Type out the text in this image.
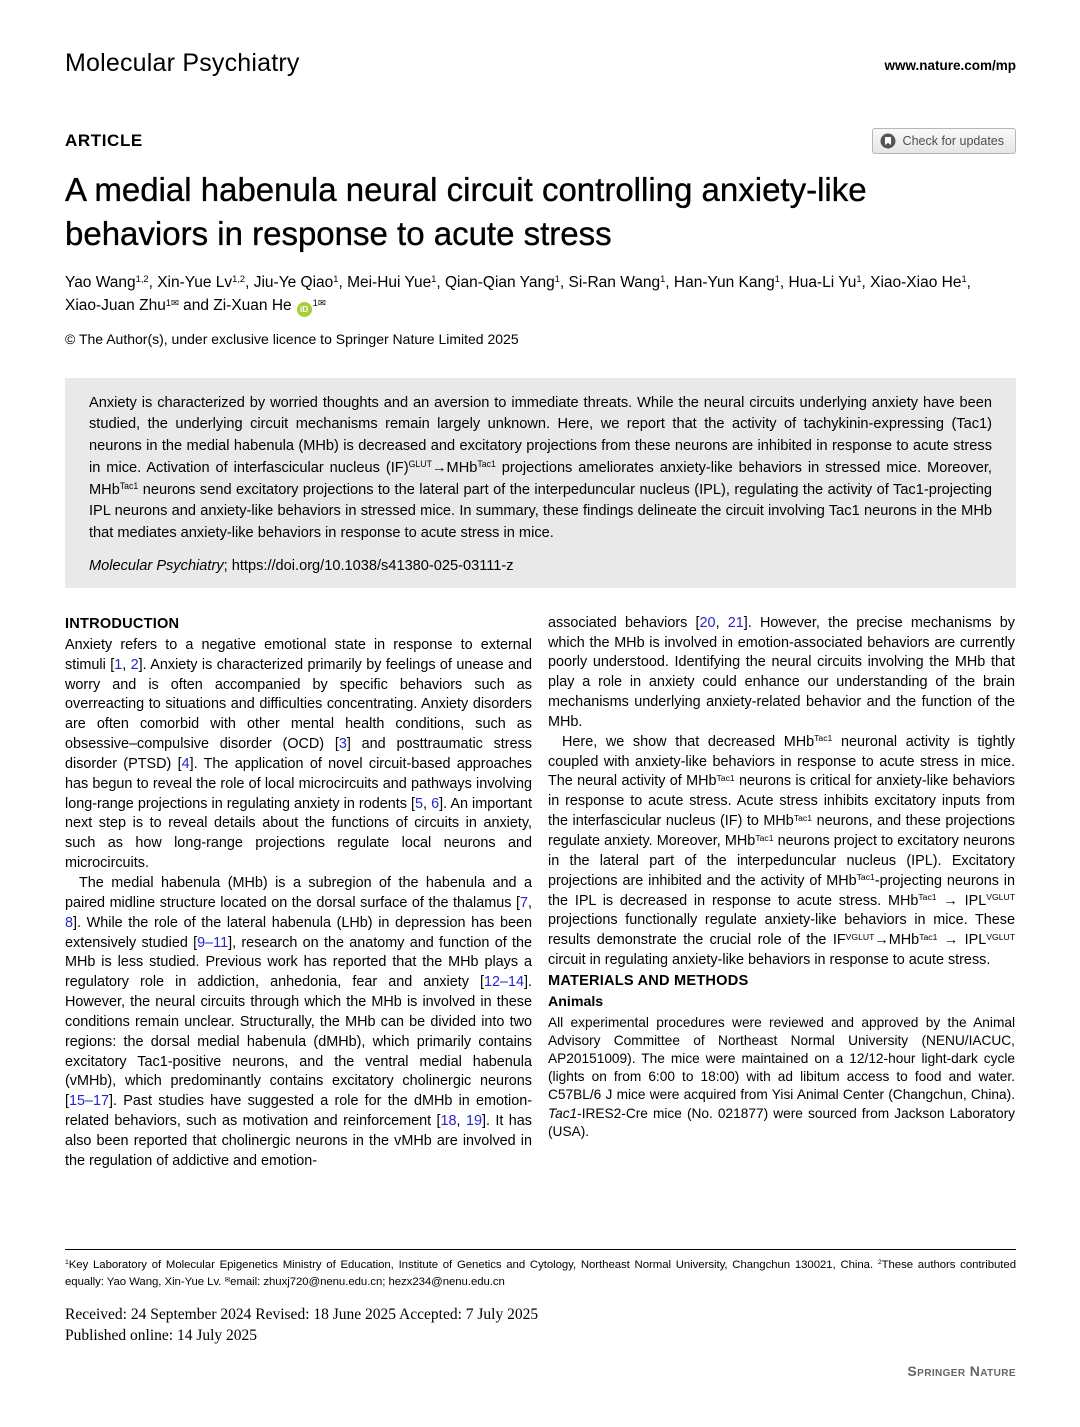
Molecular Psychiatry	www.nature.com/mp
ARTICLE	Check for updates
A medial habenula neural circuit controlling anxiety-like
behaviors in response to acute stress
Yao Wang$^{1,2}$, Xin-Yue Lv$^{1,2}$, Jiu-Ye Qiao$^1$, Mei-Hui Yue$^1$, Qian-Qian Yang$^1$, Si-Ran Wang$^1$, Han-Yun Kang$^1$, Hua-Li Yu$^1$, Xiao-Xiao He$^1$,
Xiao-Juan Zhu$^{1✉}$ and Zi-Xuan He $iD^{1✉}$
© The Author(s), under exclusive licence to Springer Nature Limited 2025

Anxiety is characterized by worried thoughts and an aversion to immediate threats. While the neural circuits underlying anxiety have been studied, the underlying circuit mechanisms remain largely unknown. Here, we report that the activity of tachykinin-expressing (Tac1) neurons in the medial habenula (MHb) is decreased and excitatory projections from these neurons are inhibited in response to acute stress in mice. Activation of interfascicular nucleus (IF)$^{GLUT}$→MHb$^{Tac1}$ projections ameliorates anxiety-like behaviors in stressed mice. Moreover, MHb$^{Tac1}$ neurons send excitatory projections to the lateral part of the interpeduncular nucleus (IPL), regulating the activity of Tac1-projecting IPL neurons and anxiety-like behaviors in stressed mice. In summary, these findings delineate the circuit involving Tac1 neurons in the MHb that mediates anxiety-like behaviors in response to acute stress in mice.

Molecular Psychiatry; https://doi.org/10.1038/s41380-025-03111-z

INTRODUCTION

Anxiety refers to a negative emotional state in response to external stimuli [1, 2]. Anxiety is characterized primarily by feelings of unease and worry and is often accompanied by specific behaviors such as overreacting to situations and difficulties concentrating. Anxiety disorders are often comorbid with other mental health conditions, such as obsessive–compulsive disorder (OCD) [3] and posttraumatic stress disorder (PTSD) [4]. The application of novel circuit-based approaches has begun to reveal the role of local microcircuits and pathways involving long-range projections in regulating anxiety in rodents [5, 6]. An important next step is to reveal details about the functions of circuits in anxiety, such as how long-range projections regulate local neurons and microcircuits.

The medial habenula (MHb) is a subregion of the habenula and a paired midline structure located on the dorsal surface of the thalamus [7, 8]. While the role of the lateral habenula (LHb) in depression has been extensively studied [9–11], research on the anatomy and function of the MHb is less studied. Previous work has reported that the MHb plays a regulatory role in addiction, anhedonia, fear and anxiety [12–14]. However, the neural circuits through which the MHb is involved in these conditions remain unclear. Structurally, the MHb can be divided into two regions: the dorsal medial habenula (dMHb), which primarily contains excitatory Tac1-positive neurons, and the ventral medial habenula (vMHb), which predominantly contains excitatory cholinergic neurons [15–17]. Past studies have suggested a role for the dMHb in emotion-related behaviors, such as motivation and reinforcement [18, 19]. It has also been reported that cholinergic neurons in the vMHb are involved in the regulation of addictive and emotion-

associated behaviors [20, 21]. However, the precise mechanisms by which the MHb is involved in emotion-associated behaviors are currently poorly understood. Identifying the neural circuits involving the MHb that play a role in anxiety could enhance our understanding of the brain mechanisms underlying anxiety-related behavior and the function of the MHb.

Here, we show that decreased MHb$^{Tac1}$ neuronal activity is tightly coupled with anxiety-like behaviors in response to acute stress in mice. The neural activity of MHb$^{Tac1}$ neurons is critical for anxiety-like behaviors in response to acute stress. Acute stress inhibits excitatory inputs from the interfascicular nucleus (IF) to MHb$^{Tac1}$ neurons, and these projections regulate anxiety. Moreover, MHb$^{Tac1}$ neurons project to excitatory neurons in the lateral part of the interpeduncular nucleus (IPL). Excitatory projections are inhibited and the activity of MHb$^{Tac1}$-projecting neurons in the IPL is decreased in response to acute stress. $MHb^{Tac1} \to IPL^{VGLUT}$ projections functionally regulate anxiety-like behaviors in mice. These results demonstrate the crucial role of the $IF^{VGLUT}\to MHb^{Tac1} \to IPL^{VGLUT}$ circuit in regulating anxiety-like behaviors in response to acute stress.

MATERIALS AND METHODS
Animals

All experimental procedures were reviewed and approved by the Animal Advisory Committee of Northeast Normal University (NENU/IACUC, AP20151009). The mice were maintained on a 12/12-hour light-dark cycle (lights on from 6:00 to 18:00) with ad libitum access to food and water. C57BL/6 J mice were acquired from Yisi Animal Center (Changchun, China). Tac1-IRES2-Cre mice (No. 021877) were sourced from Jackson Laboratory (USA).

$^1$Key Laboratory of Molecular Epigenetics Ministry of Education, Institute of Genetics and Cytology, Northeast Normal University, Changchun 130021, China. $^2$These authors contributed equally: Yao Wang, Xin-Yue Lv. ✉email: zhuxj720@nenu.edu.cn; hezx234@nenu.edu.cn
Received: 24 September 2024 Revised: 18 June 2025 Accepted: 7 July 2025
Published online: 14 July 2025
Springer Nature
